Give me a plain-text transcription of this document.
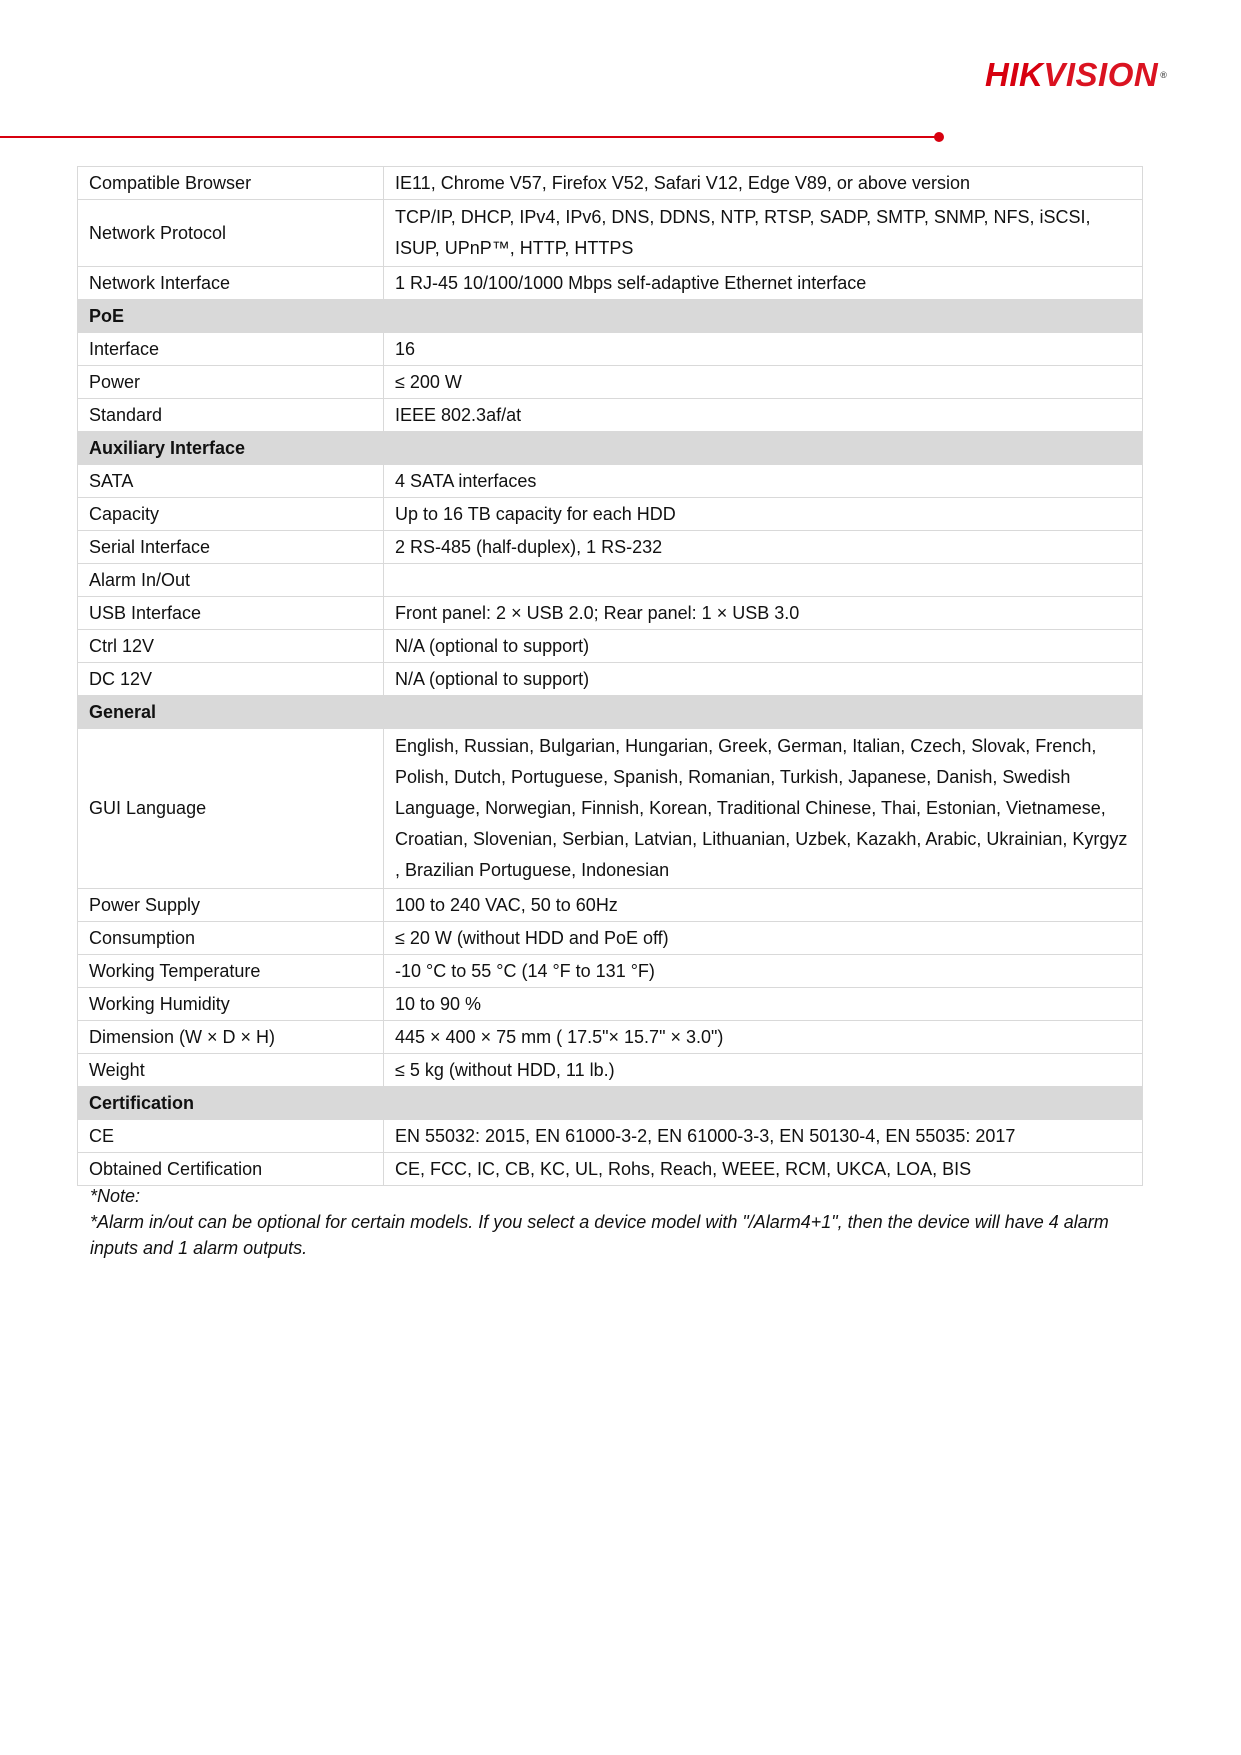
HIKVISION ®
Compatible Browser	IE11, Chrome V57, Firefox V52, Safari V12, Edge V89, or above version
Network Protocol	TCP/IP, DHCP, IPv4, IPv6, DNS, DDNS, NTP, RTSP, SADP, SMTP, SNMP, NFS, iSCSI, ISUP, UPnP™, HTTP, HTTPS
Network Interface	1 RJ-45 10/100/1000 Mbps self-adaptive Ethernet interface
PoE	
Interface	16
Power	≤ 200 W
Standard	IEEE 802.3af/at
Auxiliary Interface	
SATA	4 SATA interfaces
Capacity	Up to 16 TB capacity for each HDD
Serial Interface	2 RS-485 (half-duplex), 1 RS-232
Alarm In/Out	
USB Interface	Front panel: 2 × USB 2.0; Rear panel: 1 × USB 3.0
Ctrl 12V	N/A (optional to support)
DC 12V	N/A (optional to support)
General	
GUI Language	English, Russian, Bulgarian, Hungarian, Greek, German, Italian, Czech, Slovak, French, Polish, Dutch, Portuguese, Spanish, Romanian, Turkish, Japanese, Danish, Swedish Language, Norwegian, Finnish, Korean, Traditional Chinese, Thai, Estonian, Vietnamese, Croatian, Slovenian, Serbian, Latvian, Lithuanian, Uzbek, Kazakh, Arabic, Ukrainian, Kyrgyz , Brazilian Portuguese, Indonesian
Power Supply	100 to 240 VAC, 50 to 60Hz
Consumption	≤ 20 W (without HDD and PoE off)
Working Temperature	-10 °C to 55 °C (14 °F to 131 °F)
Working Humidity	10 to 90 %
Dimension (W × D × H)	445 × 400 × 75 mm ( 17.5"× 15.7" × 3.0")
Weight	≤ 5 kg (without HDD, 11 lb.)
Certification	
CE	EN 55032: 2015, EN 61000-3-2, EN 61000-3-3, EN 50130-4, EN 55035: 2017
Obtained Certification	CE, FCC, IC, CB, KC, UL, Rohs, Reach, WEEE, RCM, UKCA, LOA, BIS
*Note:
*Alarm in/out can be optional for certain models. If you select a device model with "/Alarm4+1", then the device will have 4 alarm inputs and 1 alarm outputs.
